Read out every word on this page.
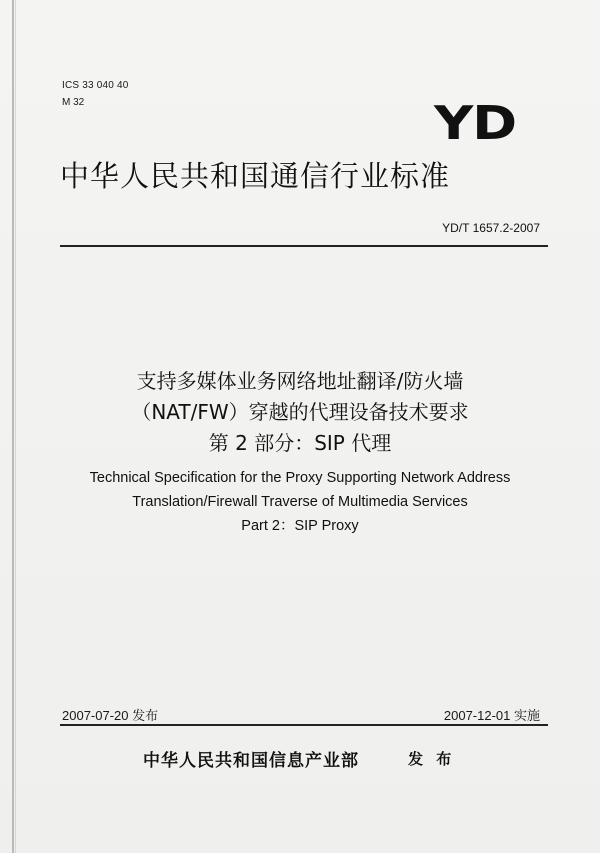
ICS 33 040 40
M 32	YD
中华人民共和国通信行业标准
YD/T 1657.2-2007
支持多媒体业务网络地址翻译/防火墙
（NAT/FW）穿越的代理设备技术要求
第 2 部分：SIP 代理
Technical Specification for the Proxy Supporting Network Address
Translation/Firewall Traverse of Multimedia Services
Part 2：SIP Proxy
2007-07-20 发布	2007-12-01 实施
中华人民共和国信息产业部	发 布
